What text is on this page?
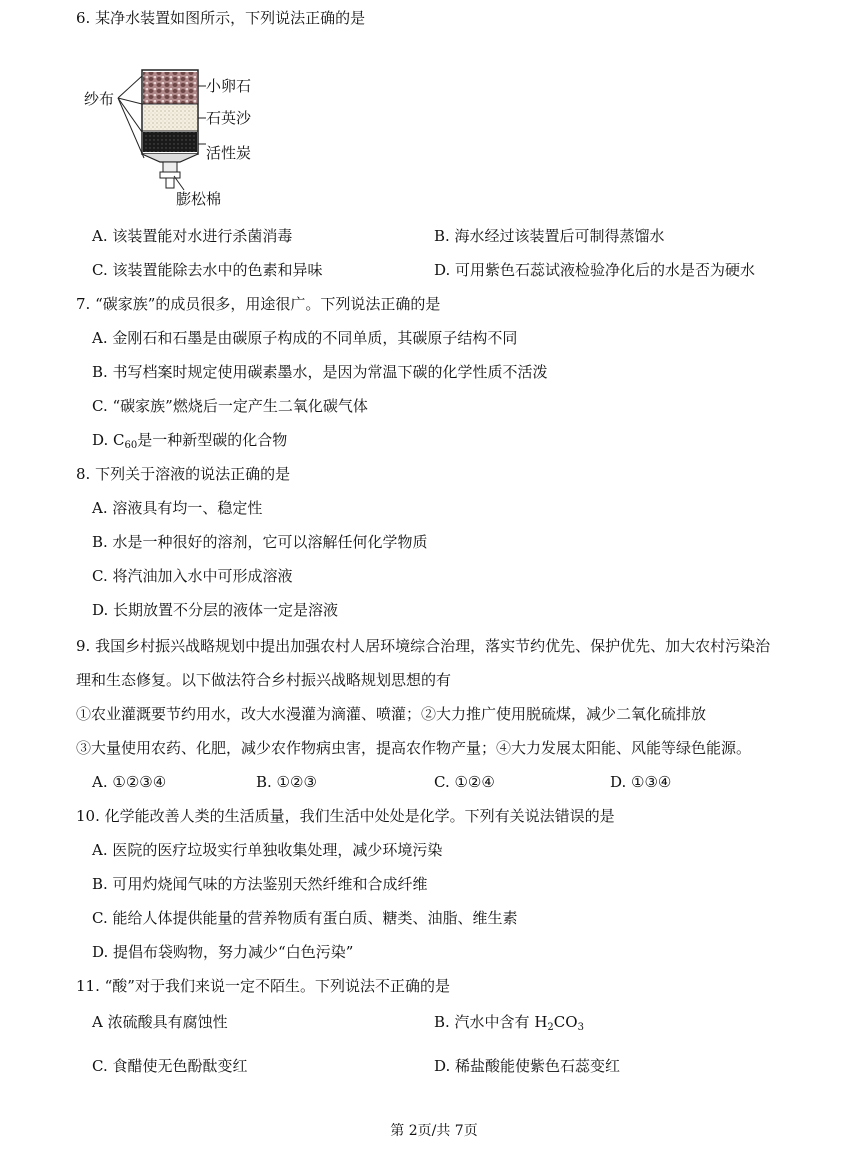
6. 某净水装置如图所示，下列说法正确的是
纱布
小卵石
石英沙
活性炭
膨松棉
A. 该装置能对水进行杀菌消毒	B. 海水经过该装置后可制得蒸馏水
C. 该装置能除去水中的色素和异味	D. 可用紫色石蕊试液检验净化后的水是否为硬水
7. “碳家族”的成员很多，用途很广。下列说法正确的是
A. 金刚石和石墨是由碳原子构成的不同单质，其碳原子结构不同
B. 书写档案时规定使用碳素墨水，是因为常温下碳的化学性质不活泼
C. “碳家族”燃烧后一定产生二氧化碳气体
D. $C_{60}$是一种新型碳的化合物
8. 下列关于溶液的说法正确的是
A. 溶液具有均一、稳定性
B. 水是一种很好的溶剂，它可以溶解任何化学物质
C. 将汽油加入水中可形成溶液
D. 长期放置不分层的液体一定是溶液
9. 我国乡村振兴战略规划中提出加强农村人居环境综合治理，落实节约优先、保护优先、加大农村污染治
理和生态修复。以下做法符合乡村振兴战略规划思想的有
①农业灌溉要节约用水，改大水漫灌为滴灌、喷灌；②大力推广使用脱硫煤，减少二氧化硫排放
③大量使用农药、化肥，减少农作物病虫害，提高农作物产量；④大力发展太阳能、风能等绿色能源。
A. ①②③④	B. ①②③	C. ①②④	D. ①③④
10. 化学能改善人类的生活质量，我们生活中处处是化学。下列有关说法错误的是
A. 医院的医疗垃圾实行单独收集处理，减少环境污染
B. 可用灼烧闻气味的方法鉴别天然纤维和合成纤维
C. 能给人体提供能量的营养物质有蛋白质、糖类、油脂、维生素
D. 提倡布袋购物，努力减少“白色污染”
11. “酸”对于我们来说一定不陌生。下列说法不正确的是
A 浓硫酸具有腐蚀性	B. 汽水中含有 $H_2CO_3$
C. 食醋使无色酚酞变红	D. 稀盐酸能使紫色石蕊变红
第 2页/共 7页
